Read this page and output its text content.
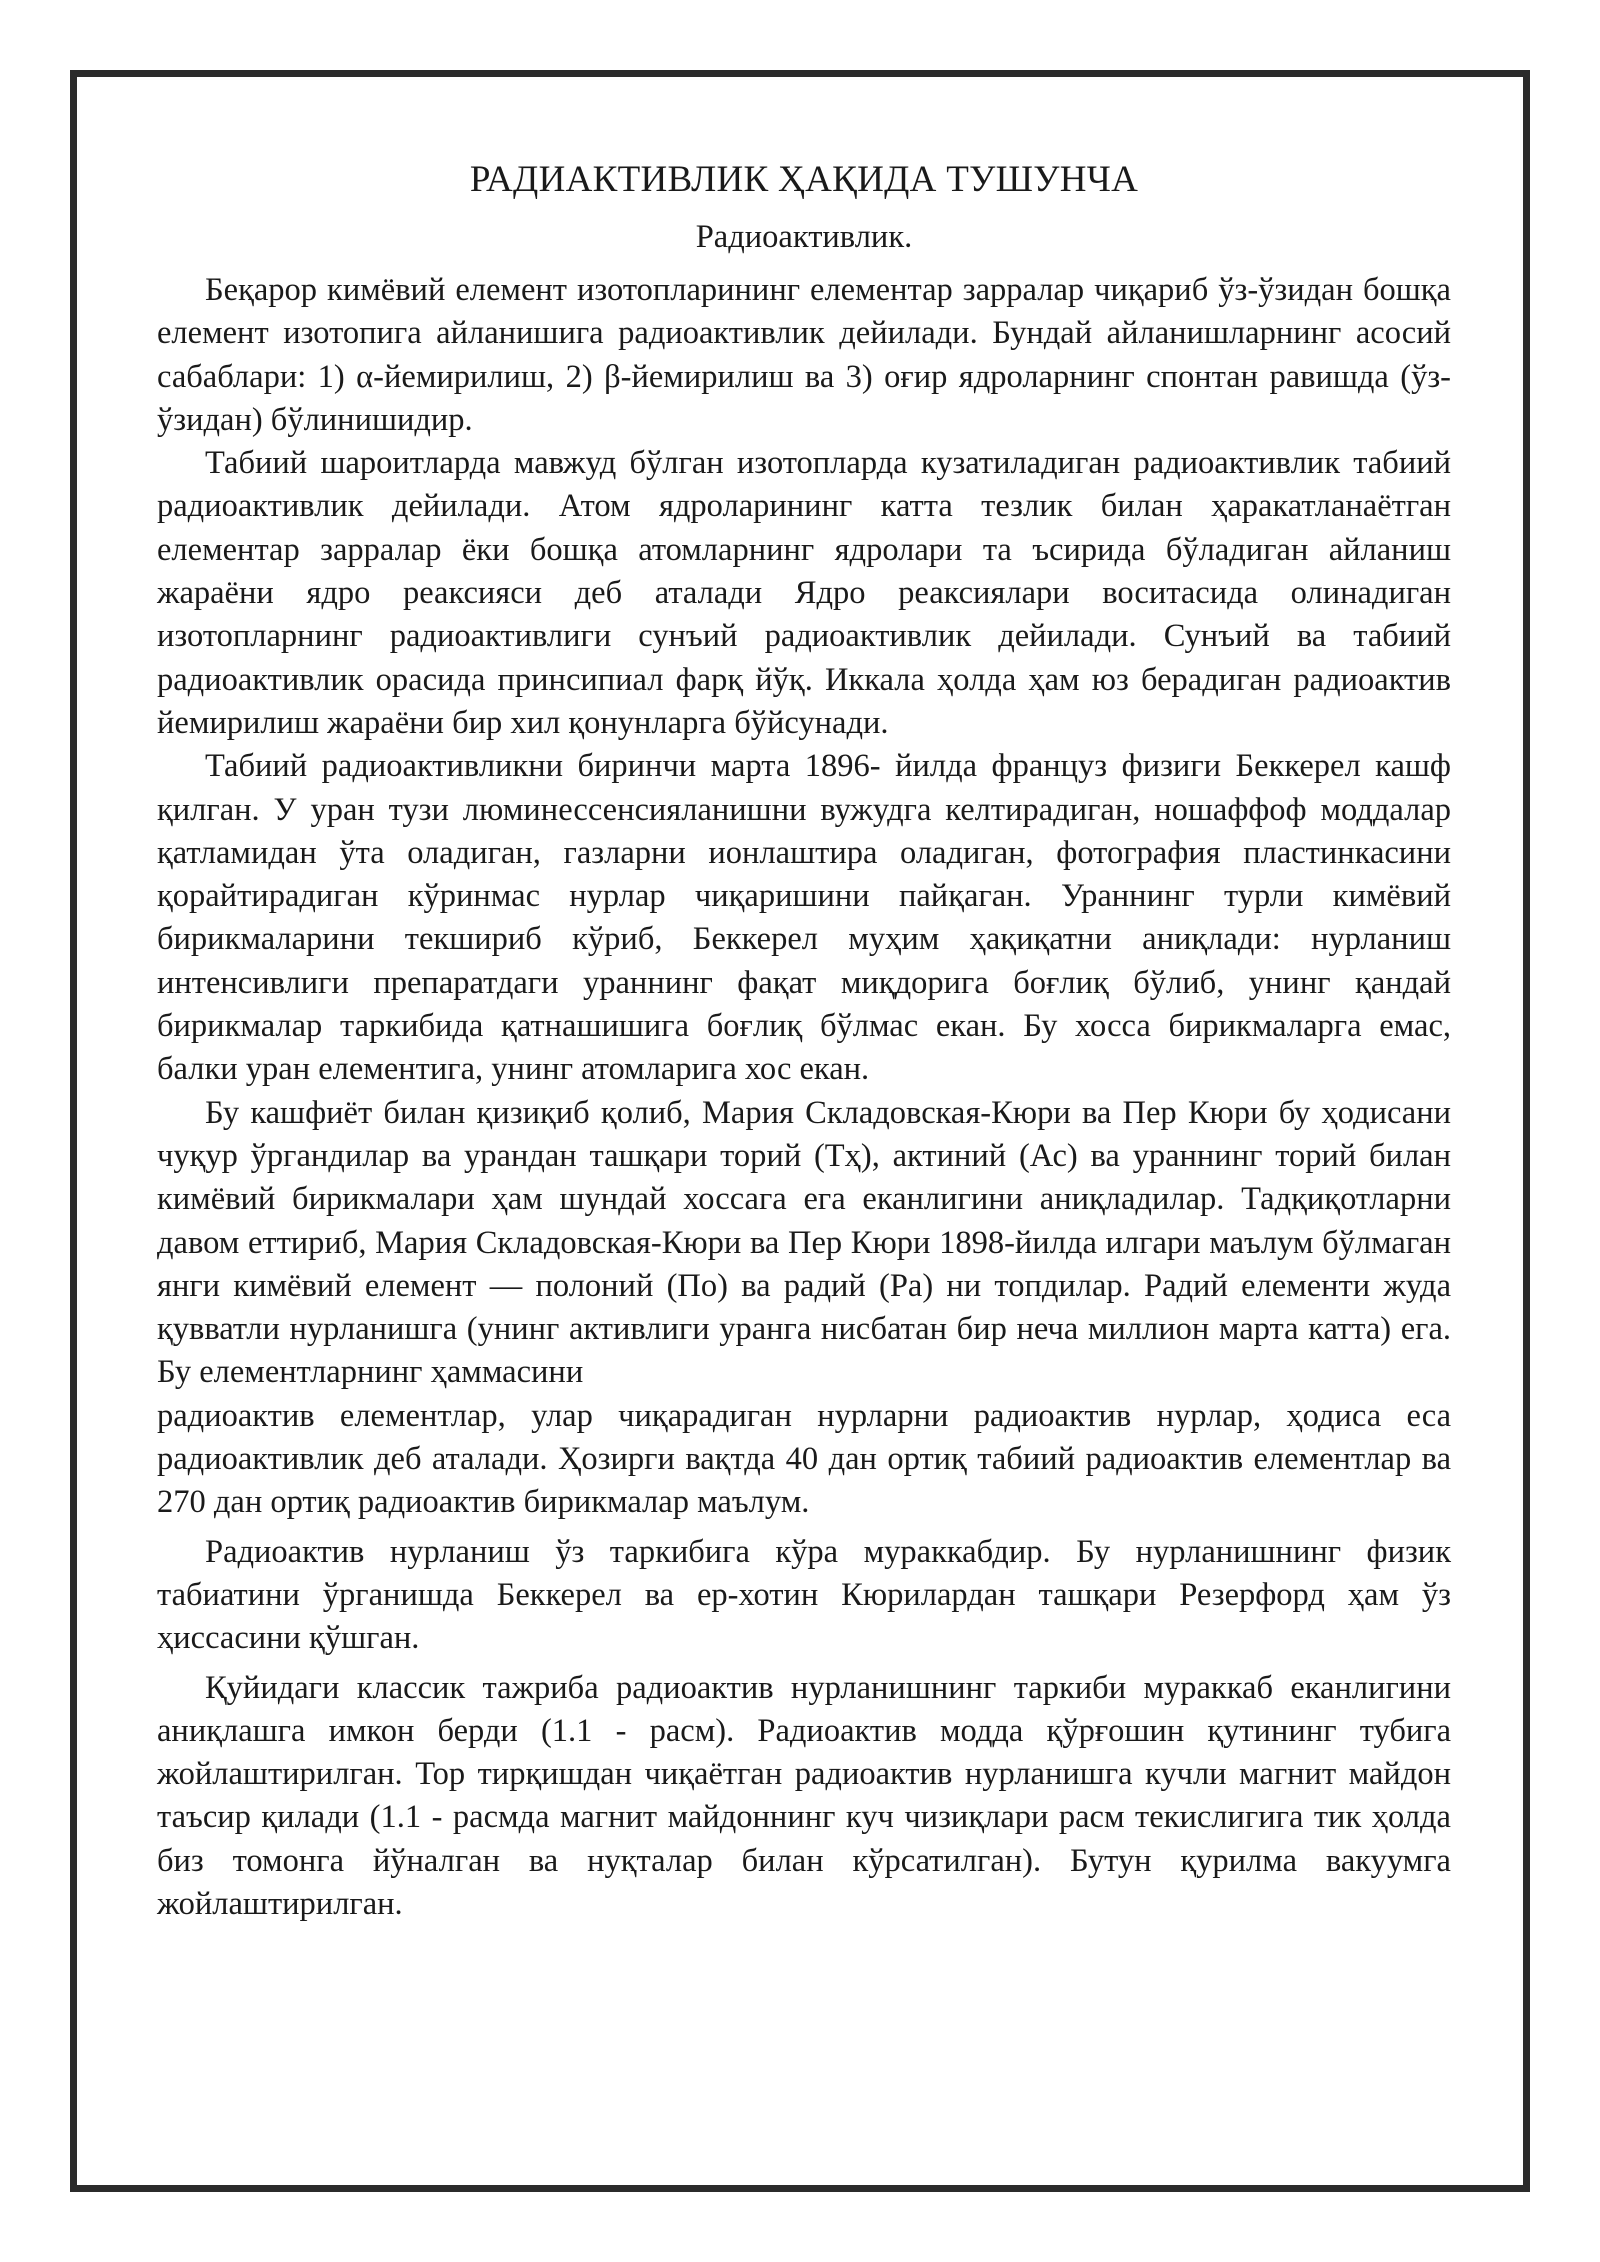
РАДИАКТИВЛИК ҲАҚИДА ТУШУНЧА
Радиоактивлик.

Беқарор кимёвий елемент изотопларининг елементар зарралар чиқариб ўз-ўзидан бошқа елемент изотопига айланишига радиоактивлик дейилади. Бундай айланишларнинг асосий сабаблари: 1) α-йемирилиш, 2) β-йемирилиш ва 3) оғир ядроларнинг спонтан равишда (ўз-ўзидан) бўлинишидир.

Табиий шароитларда мавжуд бўлган изотопларда кузатиладиган радиоактивлик табиий радиоактивлик дейилади. Атом ядроларининг катта тезлик билан ҳаракатланаётган елементар зарралар ёки бошқа атомларнинг ядролари та ъсирида бўладиган айланиш жараёни ядро реаксияси деб аталади Ядро реаксиялари воситасида олинадиган изотопларнинг радиоактивлиги сунъий радиоактивлик дейилади. Сунъий ва табиий радиоактивлик орасида принсипиал фарқ йўқ. Иккала ҳолда ҳам юз берадиган радиоактив йемирилиш жараёни бир хил қонунларга бўйсунади.

Табиий радиоактивликни биринчи марта 1896- йилда француз физиги Беккерел кашф қилган. У уран тузи люминессенсияланишни вужудга келтирадиган, ношаффоф моддалар қатламидан ўта оладиган, газларни ионлаштира оладиган, фотография пластинкасини қорайтирадиган кўринмас нурлар чиқаришини пайқаган. Ураннинг турли кимёвий бирикмаларини текшириб кўриб, Беккерел муҳим ҳақиқатни аниқлади: нурланиш интенсивлиги препаратдаги ураннинг фақат миқдорига боғлиқ бўлиб, унинг қандай бирикмалар таркибида қатнашишига боғлиқ бўлмас екан. Бу хосса бирикмаларга емас, балки уран елементига, унинг атомларига хос екан.

Бу кашфиёт билан қизиқиб қолиб, Мария Складовская-Кюри ва Пер Кюри бу ҳодисани чуқур ўргандилар ва урандан ташқари торий (Тҳ), актиний (Ас) ва ураннинг торий билан кимёвий бирикмалари ҳам шундай хоссага ега еканлигини аниқладилар. Тадқиқотларни давом еттириб, Мария Складовская-Кюри ва Пер Кюри 1898-йилда илгари маълум бўлмаган янги кимёвий елемент — полоний (По) ва радий (Ра) ни топдилар. Радий елементи жуда қувватли нурланишга (унинг активлиги уранга нисбатан бир неча миллион марта катта) ега. Бу елементларнинг ҳаммасини

радиоактив елементлар, улар чиқарадиган нурларни радиоактив нурлар, ҳодиса еса радиоактивлик деб аталади. Ҳозирги вақтда 40 дан ортиқ табиий радиоактив елементлар ва 270 дан ортиқ радиоактив бирикмалар маълум.

Радиоактив нурланиш ўз таркибига кўра мураккабдир. Бу нурланишнинг физик табиатини ўрганишда Беккерел ва ер-хотин Кюрилардан ташқари Резерфорд ҳам ўз ҳиссасини қўшган.

Қуйидаги классик тажриба радиоактив нурланишнинг таркиби мураккаб еканлигини аниқлашга имкон берди (1.1 - расм). Радиоактив модда қўрғошин қутининг тубига жойлаштирилган. Тор тирқишдан чиқаётган радиоактив нурланишга кучли магнит майдон таъсир қилади (1.1 - расмда магнит майдоннинг куч чизиқлари расм текислигига тик ҳолда биз томонга йўналган ва нуқталар билан кўрсатилган). Бутун қурилма вакуумга жойлаштирилган.
